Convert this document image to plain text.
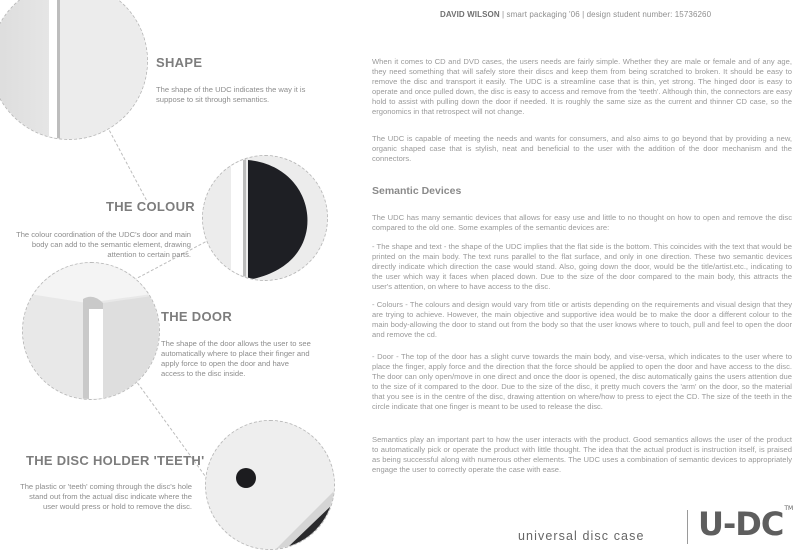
DAVID WILSON | smart packaging '06 | design student number: 15736260
SHAPE
The shape of the UDC indicates the way it is suppose to sit through semantics.
THE COLOUR
The colour coordination of the UDC's door and main body can add to the semantic element, drawing attention to certain parts.
THE DOOR
The shape of the door allows the user to see automatically where to place their finger and apply force to open the door and have access to the disc inside.
THE DISC HOLDER 'TEETH'
The plastic or 'teeth' coming through the disc's hole stand out from the actual disc indicate where the user would press or hold to remove the disc.

When it comes to CD and DVD cases, the users needs are fairly simple. Whether they are male or female and of any age, they need something that will safely store their discs and keep them from being scratched to broken. It should be easy to remove the disc and transport it easily. The UDC is a streamline case that is thin, yet strong. The hinged door is easy to operate and once pulled down, the disc is easy to access and remove from the 'teeth'. Although thin, the connectors are easy hold to assist with pulling down the door if needed. It is roughly the same size as the current and thinner CD case, so the ergonomics in that retrospect will not change.

The UDC is capable of meeting the needs and wants for consumers, and also aims to go beyond that by providing a new, organic shaped case that is stylish, neat and beneficial to the user with the addition of the door mechanism and the connectors.

Semantic Devices

The UDC has many semantic devices that allows for easy use and little to no thought on how to open and remove the disc compared to the old one. Some examples of the semantic devices are:

- The shape and text - the shape of the UDC implies that the flat side is the bottom. This coincides with the text that would be printed on the main body. The text runs parallel to the flat surface, and only in one direction. These two semantic devices directly indicate which direction the case would stand. Also, going down the door, would be the title/artist.etc., indicating to the user which way it faces when placed down. Due to the size of the door compared to the main body, this attracts the user's attention, on where to have access to the disc.

- Colours - The colours and design would vary from title or artists depending on the requirements and visual design that they are trying to achieve. However, the main objective and supportive idea would be to make the door a different colour to the main body-allowing the door to stand out from the body so that the user knows where to touch, pull and feel to open the door and remove the cd.

- Door - The top of the door has a slight curve towards the main body, and vise-versa, which indicates to the user where to place the finger, apply force and the direction that the force should be applied to open the door and have access to the disc. The door can only open/move in one direct and once the door is opened, the disc automatically gains the users attention due to the size of it compared to the door. Due to the size of the disc, it pretty much covers the 'arm' on the door, so the material that you see is in the centre of the disc, drawing attention on where/how to press to eject the CD. The size of the teeth in the circle indicate that one finger is meant to be used to release the disc.

Semantics play an important part to how the user interacts with the product. Good semantics allows the user of the product to automatically pick or operate the product with little thought. The idea that the actual product is instruction itself, is praised as being successful along with numerous other elements. The UDC uses a combination of semantic devices to appropriately engage the user to correctly operate the case with ease.

universal disc case U-DC™
